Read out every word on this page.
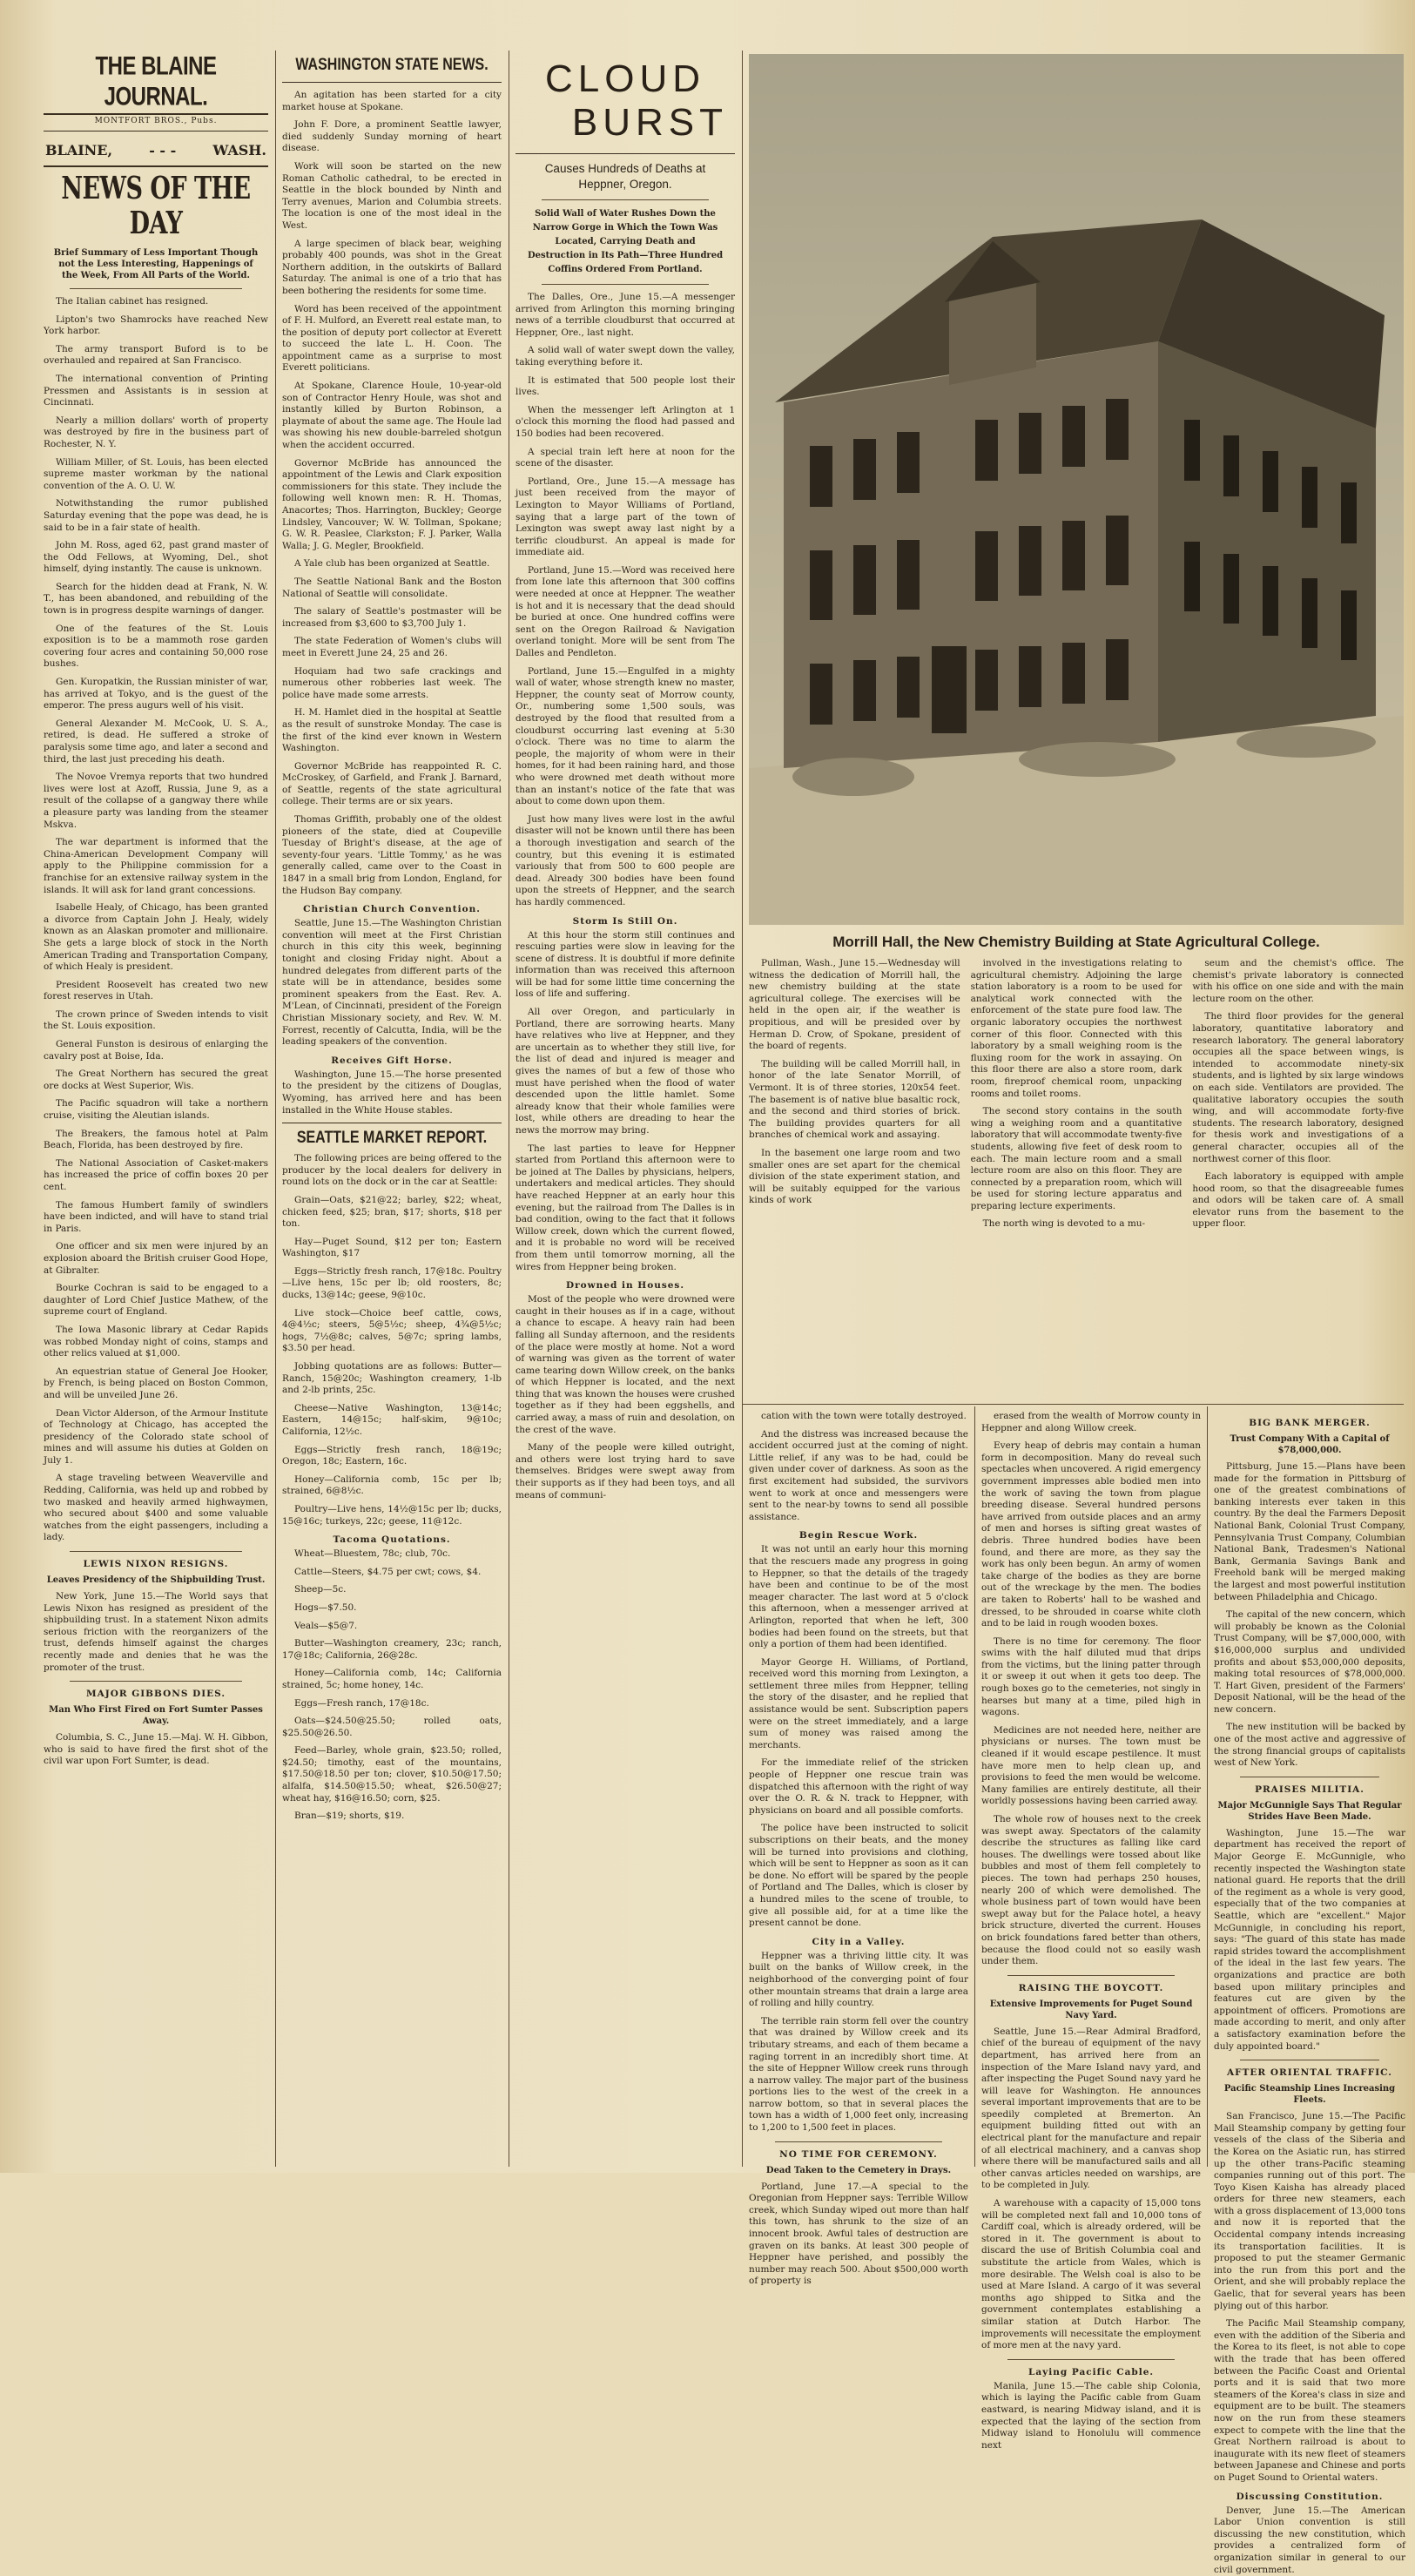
THE BLAINE JOURNAL.
MONTFORT BROS., Pubs.
BLAINE,	- - -	WASH.
NEWS OF THE DAY
Brief Summary of Less Important Though not the Less Interesting, Happenings of the Week, From All Parts of the World.

The Italian cabinet has resigned.

Lipton's two Shamrocks have reached New York harbor.

The army transport Buford is to be overhauled and repaired at San Francisco.

The international convention of Printing Pressmen and Assistants is in session at Cincinnati.

Nearly a million dollars' worth of property was destroyed by fire in the business part of Rochester, N. Y.

William Miller, of St. Louis, has been elected supreme master workman by the national convention of the A. O. U. W.

Notwithstanding the rumor published Saturday evening that the pope was dead, he is said to be in a fair state of health.

John M. Ross, aged 62, past grand master of the Odd Fellows, at Wyoming, Del., shot himself, dying instantly. The cause is unknown.

Search for the hidden dead at Frank, N. W. T., has been abandoned, and rebuilding of the town is in progress despite warnings of danger.

One of the features of the St. Louis exposition is to be a mammoth rose garden covering four acres and containing 50,000 rose bushes.

Gen. Kuropatkin, the Russian minister of war, has arrived at Tokyo, and is the guest of the emperor. The press augurs well of his visit.

General Alexander M. McCook, U. S. A., retired, is dead. He suffered a stroke of paralysis some time ago, and later a second and third, the last just preceding his death.

The Novoe Vremya reports that two hundred lives were lost at Azoff, Russia, June 9, as a result of the collapse of a gangway there while a pleasure party was landing from the steamer Mskva.

The war department is informed that the China-American Development Company will apply to the Philippine commission for a franchise for an extensive railway system in the islands. It will ask for land grant concessions.

Isabelle Healy, of Chicago, has been granted a divorce from Captain John J. Healy, widely known as an Alaskan promoter and millionaire. She gets a large block of stock in the North American Trading and Transportation Company, of which Healy is president.

President Roosevelt has created two new forest reserves in Utah.

The crown prince of Sweden intends to visit the St. Louis exposition.

General Funston is desirous of enlarging the cavalry post at Boise, Ida.

The Great Northern has secured the great ore docks at West Superior, Wis.

The Pacific squadron will take a northern cruise, visiting the Aleutian islands.

The Breakers, the famous hotel at Palm Beach, Florida, has been destroyed by fire.

The National Association of Casket-makers has increased the price of coffin boxes 20 per cent.

The famous Humbert family of swindlers have been indicted, and will have to stand trial in Paris.

One officer and six men were injured by an explosion aboard the British cruiser Good Hope, at Gibralter.

Bourke Cochran is said to be engaged to a daughter of Lord Chief Justice Mathew, of the supreme court of England.

The Iowa Masonic library at Cedar Rapids was robbed Monday night of coins, stamps and other relics valued at $1,000.

An equestrian statue of General Joe Hooker, by French, is being placed on Boston Common, and will be unveiled June 26.

Dean Victor Alderson, of the Armour Institute of Technology at Chicago, has accepted the presidency of the Colorado state school of mines and will assume his duties at Golden on July 1.

A stage traveling between Weaverville and Redding, California, was held up and robbed by two masked and heavily armed highwaymen, who secured about $400 and some valuable watches from the eight passengers, including a lady.

LEWIS NIXON RESIGNS.
Leaves Presidency of the Shipbuilding Trust.

New York, June 15.—The World says that Lewis Nixon has resigned as president of the shipbuilding trust. In a statement Nixon admits serious friction with the reorganizers of the trust, defends himself against the charges recently made and denies that he was the promoter of the trust.

MAJOR GIBBONS DIES.
Man Who First Fired on Fort Sumter Passes Away.

Columbia, S. C., June 15.—Maj. W. H. Gibbon, who is said to have fired the first shot of the civil war upon Fort Sumter, is dead.

WASHINGTON STATE NEWS.

An agitation has been started for a city market house at Spokane.

John F. Dore, a prominent Seattle lawyer, died suddenly Sunday morning of heart disease.

Work will soon be started on the new Roman Catholic cathedral, to be erected in Seattle in the block bounded by Ninth and Terry avenues, Marion and Columbia streets. The location is one of the most ideal in the West.

A large specimen of black bear, weighing probably 400 pounds, was shot in the Great Northern addition, in the outskirts of Ballard Saturday. The animal is one of a trio that has been bothering the residents for some time.

Word has been received of the appointment of F. H. Mulford, an Everett real estate man, to the position of deputy port collector at Everett to succeed the late L. H. Coon. The appointment came as a surprise to most Everett politicians.

At Spokane, Clarence Houle, 10-year-old son of Contractor Henry Houle, was shot and instantly killed by Burton Robinson, a playmate of about the same age. The Houle lad was showing his new double-barreled shotgun when the accident occurred.

Governor McBride has announced the appointment of the Lewis and Clark exposition commissioners for this state. They include the following well known men: R. H. Thomas, Anacortes; Thos. Harrington, Buckley; George Lindsley, Vancouver; W. W. Tollman, Spokane; G. W. R. Peaslee, Clarkston; F. J. Parker, Walla Walla; J. G. Megler, Brookfield.

A Yale club has been organized at Seattle.

The Seattle National Bank and the Boston National of Seattle will consolidate.

The salary of Seattle's postmaster will be increased from $3,600 to $3,700 July 1.

The state Federation of Women's clubs will meet in Everett June 24, 25 and 26.

Hoquiam had two safe crackings and numerous other robberies last week. The police have made some arrests.

H. M. Hamlet died in the hospital at Seattle as the result of sunstroke Monday. The case is the first of the kind ever known in Western Washington.

Governor McBride has reappointed R. C. McCroskey, of Garfield, and Frank J. Barnard, of Seattle, regents of the state agricultural college. Their terms are or six years.

Thomas Griffith, probably one of the oldest pioneers of the state, died at Coupeville Tuesday of Bright's disease, at the age of seventy-four years. 'Little Tommy,' as he was generally called, came over to the Coast in 1847 in a small brig from London, England, for the Hudson Bay company.

Christian Church Convention.

Seattle, June 15.—The Washington Christian convention will meet at the First Christian church in this city this week, beginning tonight and closing Friday night. About a hundred delegates from different parts of the state will be in attendance, besides some prominent speakers from the East. Rev. A. M'Lean, of Cincinnati, president of the Foreign Christian Missionary society, and Rev. W. M. Forrest, recently of Calcutta, India, will be the leading speakers of the convention.

Receives Gift Horse.

Washington, June 15.—The horse presented to the president by the citizens of Douglas, Wyoming, has arrived here and has been installed in the White House stables.

SEATTLE MARKET REPORT.

The following prices are being offered to the producer by the local dealers for delivery in round lots on the dock or in the car at Seattle:

Grain—Oats, $21@22; barley, $22; wheat, chicken feed, $25; bran, $17; shorts, $18 per ton.

Hay—Puget Sound, $12 per ton; Eastern Washington, $17

Eggs—Strictly fresh ranch, 17@18c. Poultry—Live hens, 15c per lb; old roosters, 8c; ducks, 13@14c; geese, 9@10c.

Live stock—Choice beef cattle, cows, 4@4½c; steers, 5@5½c; sheep, 4¾@5½c; hogs, 7½@8c; calves, 5@7c; spring lambs, $3.50 per head.

Jobbing quotations are as follows: Butter—Ranch, 15@20c; Washington creamery, 1-lb and 2-lb prints, 25c.

Cheese—Native Washington, 13@14c; Eastern, 14@15c; half-skim, 9@10c; California, 12½c.

Eggs—Strictly fresh ranch, 18@19c; Oregon, 18c; Eastern, 16c.

Honey—California comb, 15c per lb; strained, 6@8½c.

Poultry—Live hens, 14½@15c per lb; ducks, 15@16c; turkeys, 22c; geese, 11@12c.

Tacoma Quotations.

Wheat—Bluestem, 78c; club, 70c.

Cattle—Steers, $4.75 per cwt; cows, $4.

Sheep—5c.

Hogs—$7.50.

Veals—$5@7.

Butter—Washington creamery, 23c; ranch, 17@18c; California, 26@28c.

Honey—California comb, 14c; California strained, 5c; home honey, 14c.

Eggs—Fresh ranch, 17@18c.

Oats—$24.50@25.50; rolled oats, $25.50@26.50.

Feed—Barley, whole grain, $23.50; rolled, $24.50; timothy, east of the mountains, $17.50@18.50 per ton; clover, $10.50@17.50; alfalfa, $14.50@15.50; wheat, $26.50@27; wheat hay, $16@16.50; corn, $25.

Bran—$19; shorts, $19.

CLOUD
BURST
Causes Hundreds of Deaths at Heppner, Oregon.
Solid Wall of Water Rushes Down the Narrow Gorge in Which the Town Was Located, Carrying Death and Destruction in Its Path—Three Hundred Coffins Ordered From Portland.

The Dalles, Ore., June 15.—A messenger arrived from Arlington this morning bringing news of a terrible cloudburst that occurred at Heppner, Ore., last night.

A solid wall of water swept down the valley, taking everything before it.

It is estimated that 500 people lost their lives.

When the messenger left Arlington at 1 o'clock this morning the flood had passed and 150 bodies had been recovered.

A special train left here at noon for the scene of the disaster.

Portland, Ore., June 15.—A message has just been received from the mayor of Lexington to Mayor Williams of Portland, saying that a large part of the town of Lexington was swept away last night by a terrific cloudburst. An appeal is made for immediate aid.

Portland, June 15.—Word was received here from Ione late this afternoon that 300 coffins were needed at once at Heppner. The weather is hot and it is necessary that the dead should be buried at once. One hundred coffins were sent on the Oregon Railroad & Navigation overland tonight. More will be sent from The Dalles and Pendleton.

Portland, June 15.—Engulfed in a mighty wall of water, whose strength knew no master, Heppner, the county seat of Morrow county, Or., numbering some 1,500 souls, was destroyed by the flood that resulted from a cloudburst occurring last evening at 5:30 o'clock. There was no time to alarm the people, the majority of whom were in their homes, for it had been raining hard, and those who were drowned met death without more than an instant's notice of the fate that was about to come down upon them.

Just how many lives were lost in the awful disaster will not be known until there has been a thorough investigation and search of the country, but this evening it is estimated variously that from 500 to 600 people are dead. Already 300 bodies have been found upon the streets of Heppner, and the search has hardly commenced.

Storm Is Still On.

At this hour the storm still continues and rescuing parties were slow in leaving for the scene of distress. It is doubtful if more definite information than was received this afternoon will be had for some little time concerning the loss of life and suffering.

All over Oregon, and particularly in Portland, there are sorrowing hearts. Many have relatives who live at Heppner, and they are uncertain as to whether they still live, for the list of dead and injured is meager and gives the names of but a few of those who must have perished when the flood of water descended upon the little hamlet. Some already know that their whole families were lost, while others are dreading to hear the news the morrow may bring.

The last parties to leave for Heppner started from Portland this afternoon were to be joined at The Dalles by physicians, helpers, undertakers and medical articles. They should have reached Heppner at an early hour this evening, but the railroad from The Dalles is in bad condition, owing to the fact that it follows Willow creek, down which the current flowed, and it is probable no word will be received from them until tomorrow morning, all the wires from Heppner being broken.

Drowned in Houses.

Most of the people who were drowned were caught in their houses as if in a cage, without a chance to escape. A heavy rain had been falling all Sunday afternoon, and the residents of the place were mostly at home. Not a word of warning was given as the torrent of water came tearing down Willow creek, on the banks of which Heppner is located, and the next thing that was known the houses were crushed together as if they had been eggshells, and carried away, a mass of ruin and desolation, on the crest of the wave.

Many of the people were killed outright, and others were lost trying hard to save themselves. Bridges were swept away from their supports as if they had been toys, and all means of communi-

Morrill Hall, the New Chemistry Building at State Agricultural College.

Pullman, Wash., June 15.—Wednesday will witness the dedication of Morrill hall, the new chemistry building at the state agricultural college. The exercises will be held in the open air, if the weather is propitious, and will be presided over by Herman D. Crow, of Spokane, president of the board of regents.

The building will be called Morrill hall, in honor of the late Senator Morrill, of Vermont. It is of three stories, 120x54 feet. The basement is of native blue basaltic rock, and the second and third stories of brick. The building provides quarters for all branches of chemical work and assaying.

In the basement one large room and two smaller ones are set apart for the chemical division of the state experiment station, and will be suitably equipped for the various kinds of work

involved in the investigations relating to agricultural chemistry. Adjoining the large station laboratory is a room to be used for analytical work connected with the enforcement of the state pure food law. The organic laboratory occupies the northwest corner of this floor. Connected with this laboratory by a small weighing room is the fluxing room for the work in assaying. On this floor there are also a store room, dark room, fireproof chemical room, unpacking rooms and toilet rooms.

The second story contains in the south wing a weighing room and a quantitative laboratory that will accommodate twenty-five students, allowing five feet of desk room to each. The main lecture room and a small lecture room are also on this floor. They are connected by a preparation room, which will be used for storing lecture apparatus and preparing lecture experiments.

The north wing is devoted to a mu-

seum and the chemist's office. The chemist's private laboratory is connected with his office on one side and with the main lecture room on the other.

The third floor provides for the general laboratory, quantitative laboratory and research laboratory. The general laboratory occupies all the space between wings, is intended to accommodate ninety-six students, and is lighted by six large windows on each side. Ventilators are provided. The qualitative laboratory occupies the south wing, and will accommodate forty-five students. The research laboratory, designed for thesis work and investigations of a general character, occupies all of the northwest corner of this floor.

Each laboratory is equipped with ample hood room, so that the disagreeable fumes and odors will be taken care of. A small elevator runs from the basement to the upper floor.

cation with the town were totally destroyed.

And the distress was increased because the accident occurred just at the coming of night. Little relief, if any was to be had, could be given under cover of darkness. As soon as the first excitement had subsided, the survivors went to work at once and messengers were sent to the near-by towns to send all possible assistance.

Begin Rescue Work.

It was not until an early hour this morning that the rescuers made any progress in going to Heppner, so that the details of the tragedy have been and continue to be of the most meager character. The last word at 5 o'clock this afternoon, when a messenger arrived at Arlington, reported that when he left, 300 bodies had been found on the streets, but that only a portion of them had been identified.

Mayor George H. Williams, of Portland, received word this morning from Lexington, a settlement three miles from Heppner, telling the story of the disaster, and he replied that assistance would be sent. Subscription papers were on the street immediately, and a large sum of money was raised among the merchants.

For the immediate relief of the stricken people of Heppner one rescue train was dispatched this afternoon with the right of way over the O. R. & N. track to Heppner, with physicians on board and all possible comforts.

The police have been instructed to solicit subscriptions on their beats, and the money will be turned into provisions and clothing, which will be sent to Heppner as soon as it can be done. No effort will be spared by the people of Portland and The Dalles, which is closer by a hundred miles to the scene of trouble, to give all possible aid, for at a time like the present cannot be done.

City in a Valley.

Heppner was a thriving little city. It was built on the banks of Willow creek, in the neighborhood of the converging point of four other mountain streams that drain a large area of rolling and hilly country.

The terrible rain storm fell over the country that was drained by Willow creek and its tributary streams, and each of them became a raging torrent in an incredibly short time. At the site of Heppner Willow creek runs through a narrow valley. The major part of the business portions lies to the west of the creek in a narrow bottom, so that in several places the town has a width of 1,000 feet only, increasing to 1,200 to 1,500 feet in places.

NO TIME FOR CEREMONY.
Dead Taken to the Cemetery in Drays.

Portland, June 17.—A special to the Oregonian from Heppner says: Terrible Willow creek, which Sunday wiped out more than half this town, has shrunk to the size of an innocent brook. Awful tales of destruction are graven on its banks. At least 300 people of Heppner have perished, and possibly the number may reach 500. About $500,000 worth of property is

erased from the wealth of Morrow county in Heppner and along Willow creek.

Every heap of debris may contain a human form in decomposition. Many do reveal such spectacles when uncovered. A rigid emergency government impresses able bodied men into the work of saving the town from plague breeding disease. Several hundred persons have arrived from outside places and an army of men and horses is sifting great wastes of debris. Three hundred bodies have been found, and there are more, as they say the work has only been begun. An army of women take charge of the bodies as they are borne out of the wreckage by the men. The bodies are taken to Roberts' hall to be washed and dressed, to be shrouded in coarse white cloth and to be laid in rough wooden boxes.

There is no time for ceremony. The floor swims with the half diluted mud that drips from the victims, but the lining patter through it or sweep it out when it gets too deep. The rough boxes go to the cemeteries, not singly in hearses but many at a time, piled high in wagons.

Medicines are not needed here, neither are physicians or nurses. The town must be cleaned if it would escape pestilence. It must have more men to help clean up, and provisions to feed the men would be welcome. Many families are entirely destitute, all their worldly possessions having been carried away.

The whole row of houses next to the creek was swept away. Spectators of the calamity describe the structures as falling like card houses. The dwellings were tossed about like bubbles and most of them fell completely to pieces. The town had perhaps 250 houses, nearly 200 of which were demolished. The whole business part of town would have been swept away but for the Palace hotel, a heavy brick structure, diverted the current. Houses on brick foundations fared better than others, because the flood could not so easily wash under them.

RAISING THE BOYCOTT.
Extensive Improvements for Puget Sound Navy Yard.

Seattle, June 15.—Rear Admiral Bradford, chief of the bureau of equipment of the navy department, has arrived here from an inspection of the Mare Island navy yard, and after inspecting the Puget Sound navy yard he will leave for Washington. He announces several important improvements that are to be speedily completed at Bremerton. An equipment building fitted out with an electrical plant for the manufacture and repair of all electrical machinery, and a canvas shop where there will be manufactured sails and all other canvas articles needed on warships, are to be completed in July.

A warehouse with a capacity of 15,000 tons will be completed next fall and 10,000 tons of Cardiff coal, which is already ordered, will be stored in it. The government is about to discard the use of British Columbia coal and substitute the article from Wales, which is more desirable. The Welsh coal is also to be used at Mare Island. A cargo of it was several months ago shipped to Sitka and the government contemplates establishing a similar station at Dutch Harbor. The improvements will necessitate the employment of more men at the navy yard.

Laying Pacific Cable.

Manila, June 15.—The cable ship Colonia, which is laying the Pacific cable from Guam eastward, is nearing Midway island, and it is expected that the laying of the section from Midway island to Honolulu will commence next

BIG BANK MERGER.
Trust Company With a Capital of $78,000,000.

Pittsburg, June 15.—Plans have been made for the formation in Pittsburg of one of the greatest combinations of banking interests ever taken in this country. By the deal the Farmers Deposit National Bank, Colonial Trust Company, Pennsylvania Trust Company, Columbian National Bank, Tradesmen's National Bank, Germania Savings Bank and Freehold bank will be merged making the largest and most powerful institution between Philadelphia and Chicago.

The capital of the new concern, which will probably be known as the Colonial Trust Company, will be $7,000,000, with $16,000,000 surplus and undivided profits and about $53,000,000 deposits, making total resources of $78,000,000. T. Hart Given, president of the Farmers' Deposit National, will be the head of the new concern.

The new institution will be backed by one of the most active and aggressive of the strong financial groups of capitalists west of New York.

PRAISES MILITIA.
Major McGunnigle Says That Regular Strides Have Been Made.

Washington, June 15.—The war department has received the report of Major George E. McGunnigle, who recently inspected the Washington state national guard. He reports that the drill of the regiment as a whole is very good, especially that of the two companies at Seattle, which are "excellent." Major McGunnigle, in concluding his report, says: "The guard of this state has made rapid strides toward the accomplishment of the ideal in the last few years. The organizations and practice are both based upon military principles and features cut are given by the appointment of officers. Promotions are made according to merit, and only after a satisfactory examination before the duly appointed board."

AFTER ORIENTAL TRAFFIC.
Pacific Steamship Lines Increasing Fleets.

San Francisco, June 15.—The Pacific Mail Steamship company by getting four vessels of the class of the Siberia and the Korea on the Asiatic run, has stirred up the other trans-Pacific steaming companies running out of this port. The Toyo Kisen Kaisha has already placed orders for three new steamers, each with a gross displacement of 13,000 tons and now it is reported that the Occidental company intends increasing its transportation facilities. It is proposed to put the steamer Germanic into the run from this port and the Orient, and she will probably replace the Gaelic, that for several years has been plying out of this harbor.

The Pacific Mail Steamship company, even with the addition of the Siberia and the Korea to its fleet, is not able to cope with the trade that has been offered between the Pacific Coast and Oriental ports and it is said that two more steamers of the Korea's class in size and equipment are to be built. The steamers now on the run from these steamers expect to compete with the line that the Great Northern railroad is about to inaugurate with its new fleet of steamers between Japanese and Chinese and ports on Puget Sound to Oriental waters.

Discussing Constitution.

Denver, June 15.—The American Labor Union convention is still discussing the new constitution, which provides a centralized form of organization similar in general to our civil government.
